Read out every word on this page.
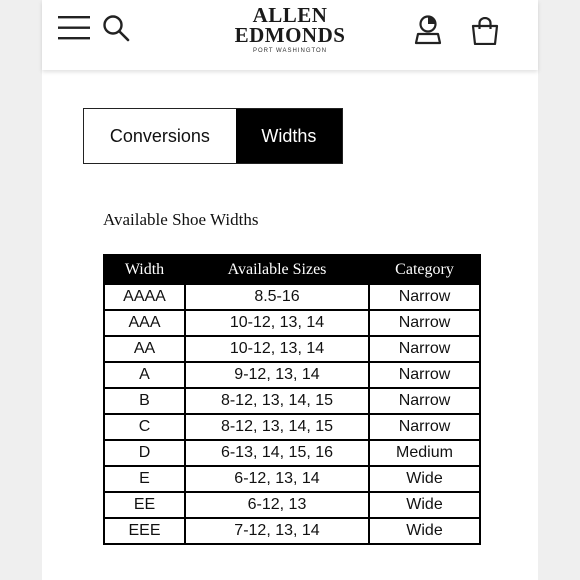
ALLEN
EDMONDS
PORT WASHINGTON
Conversions	Widths
Available Shoe Widths
Width	Available Sizes	Category
AAAA	8.5-16	Narrow
AAA	10-12, 13, 14	Narrow
AA	10-12, 13, 14	Narrow
A	9-12, 13, 14	Narrow
B	8-12, 13, 14, 15	Narrow
C	8-12, 13, 14, 15	Narrow
D	6-13, 14, 15, 16	Medium
E	6-12, 13, 14	Wide
EE	6-12, 13	Wide
EEE	7-12, 13, 14	Wide
